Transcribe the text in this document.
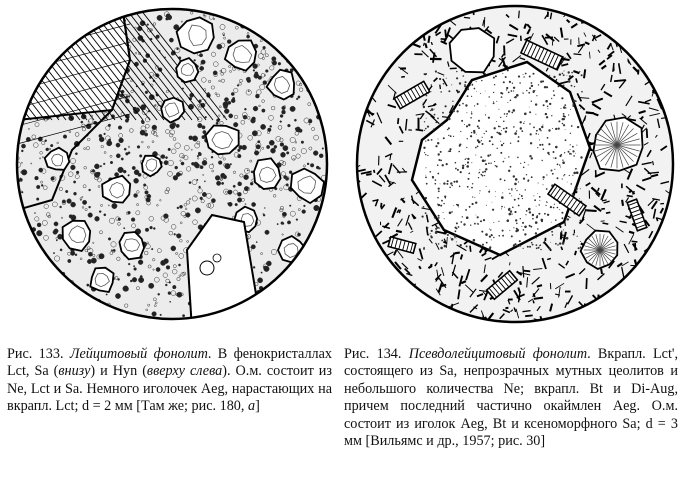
Рис. 133. Лейцитовый фонолит. В фенокристаллах Lct, Sa (внизу) и Hyn (вверху слева). О.м. состоит из Ne, Lct и Sa. Немного иголочек Aeg, нарастающих на вкрапл. Lct; d = 2 мм [Там же; рис. 180, а]

Рис. 134. Псевдолейцитовый фонолит. Вкрапл. Lct', состоящего из Sa, непрозрачных мутных цеолитов и небольшого количества Ne; вкрапл. Bt и Di-Aug, причем последний частично окаймлен Aeg. О.м. состоит из иголок Aeg, Bt и ксеноморфного Sa; d = 3 мм [Вильямс и др., 1957; рис. 30]
